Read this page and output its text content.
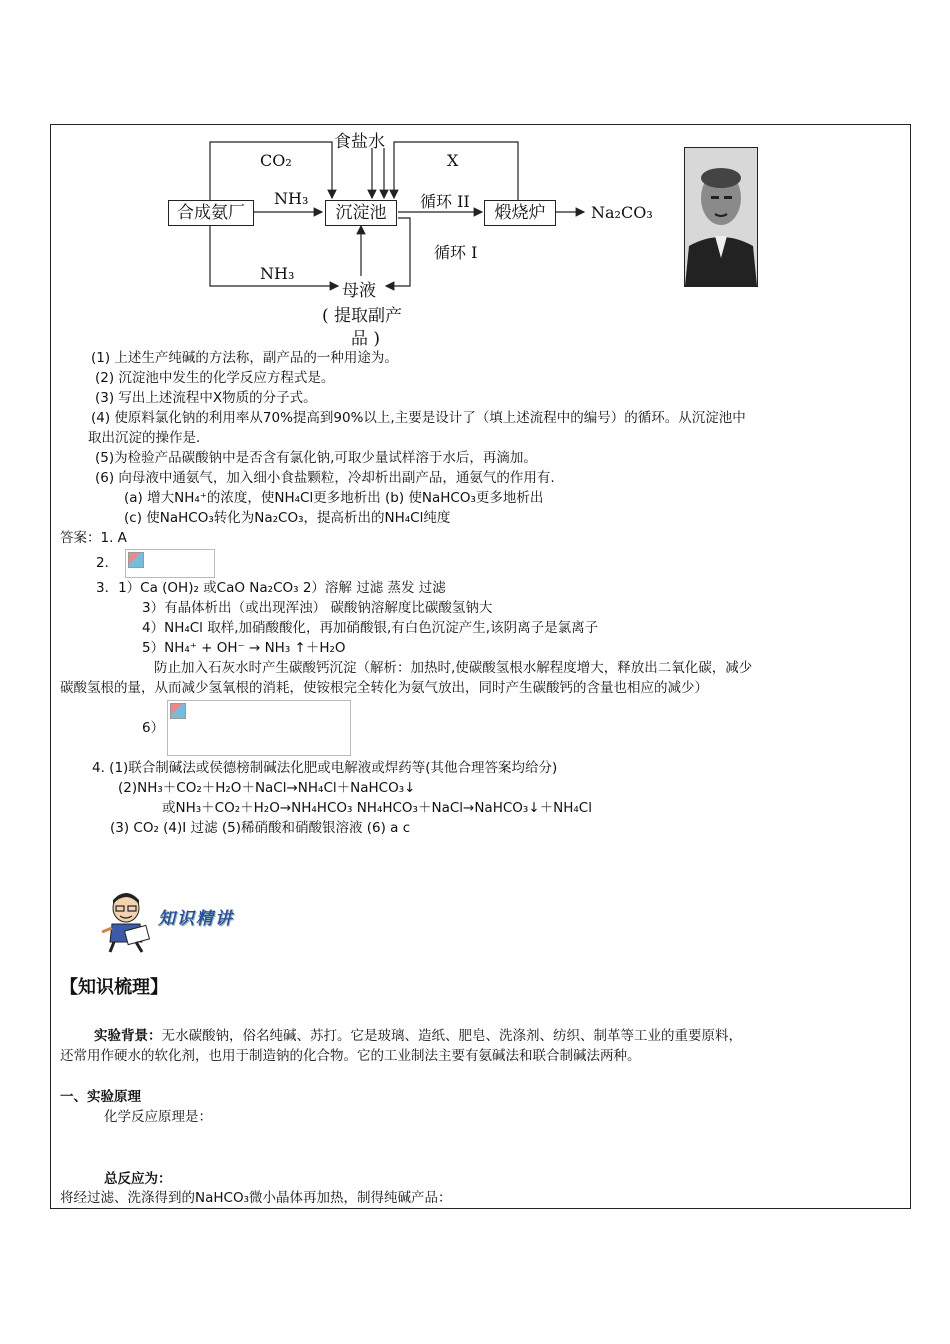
合成氨厂	沉淀池	煅烧炉
食盐水
CO₂	X
NH₃	循环 II
Na₂CO₃
循环 I
NH₃
母液
( 提取副产
品 )
(1) 上述生产纯碱的方法称，副产品的一种用途为。
(2) 沉淀池中发生的化学反应方程式是。
(3) 写出上述流程中X物质的分子式。
(4) 使原料氯化钠的利用率从70%提高到90%以上,主要是设计了（填上述流程中的编号）的循环。从沉淀池中
取出沉淀的操作是.
(5)为检验产品碳酸钠中是否含有氯化钠,可取少量试样溶于水后，再滴加。
(6) 向母液中通氨气，加入细小食盐颗粒，冷却析出副产品，通氨气的作用有.
(a) 增大NH₄⁺的浓度，使NH₄Cl更多地析出 (b) 使NaHCO₃更多地析出
(c) 使NaHCO₃转化为Na₂CO₃，提高析出的NH₄Cl纯度
答案：1. A
2．
3．1）Ca (OH)₂ 或CaO Na₂CO₃ 2）溶解 过滤 蒸发 过滤
3）有晶体析出（或出现浑浊） 碳酸钠溶解度比碳酸氢钠大
4）NH₄Cl 取样,加硝酸酸化，再加硝酸银,有白色沉淀产生,该阴离子是氯离子
5）NH₄⁺ + OH⁻ → NH₃ ↑＋H₂O
防止加入石灰水时产生碳酸钙沉淀（解析：加热时,使碳酸氢根水解程度增大，释放出二氧化碳，减少
碳酸氢根的量，从而减少氢氧根的消耗，使铵根完全转化为氨气放出，同时产生碳酸钙的含量也相应的减少）
6）
4. (1)联合制碱法或侯德榜制碱法化肥或电解液或焊药等(其他合理答案均给分)
(2)NH₃＋CO₂＋H₂O＋NaCl→NH₄Cl＋NaHCO₃↓
或NH₃＋CO₂＋H₂O→NH₄HCO₃ NH₄HCO₃＋NaCl→NaHCO₃↓＋NH₄Cl
(3) CO₂ (4)I 过滤 (5)稀硝酸和硝酸银溶液 (6) a c
知识精讲
【知识梳理】
实验背景：无水碳酸钠，俗名纯碱、苏打。它是玻璃、造纸、肥皂、洗涤剂、纺织、制革等工业的重要原料，
还常用作硬水的软化剂，也用于制造钠的化合物。它的工业制法主要有氨碱法和联合制碱法两种。
一、实验原理
化学反应原理是：
总反应为：
将经过滤、洗涤得到的NaHCO₃微小晶体再加热，制得纯碱产品：
